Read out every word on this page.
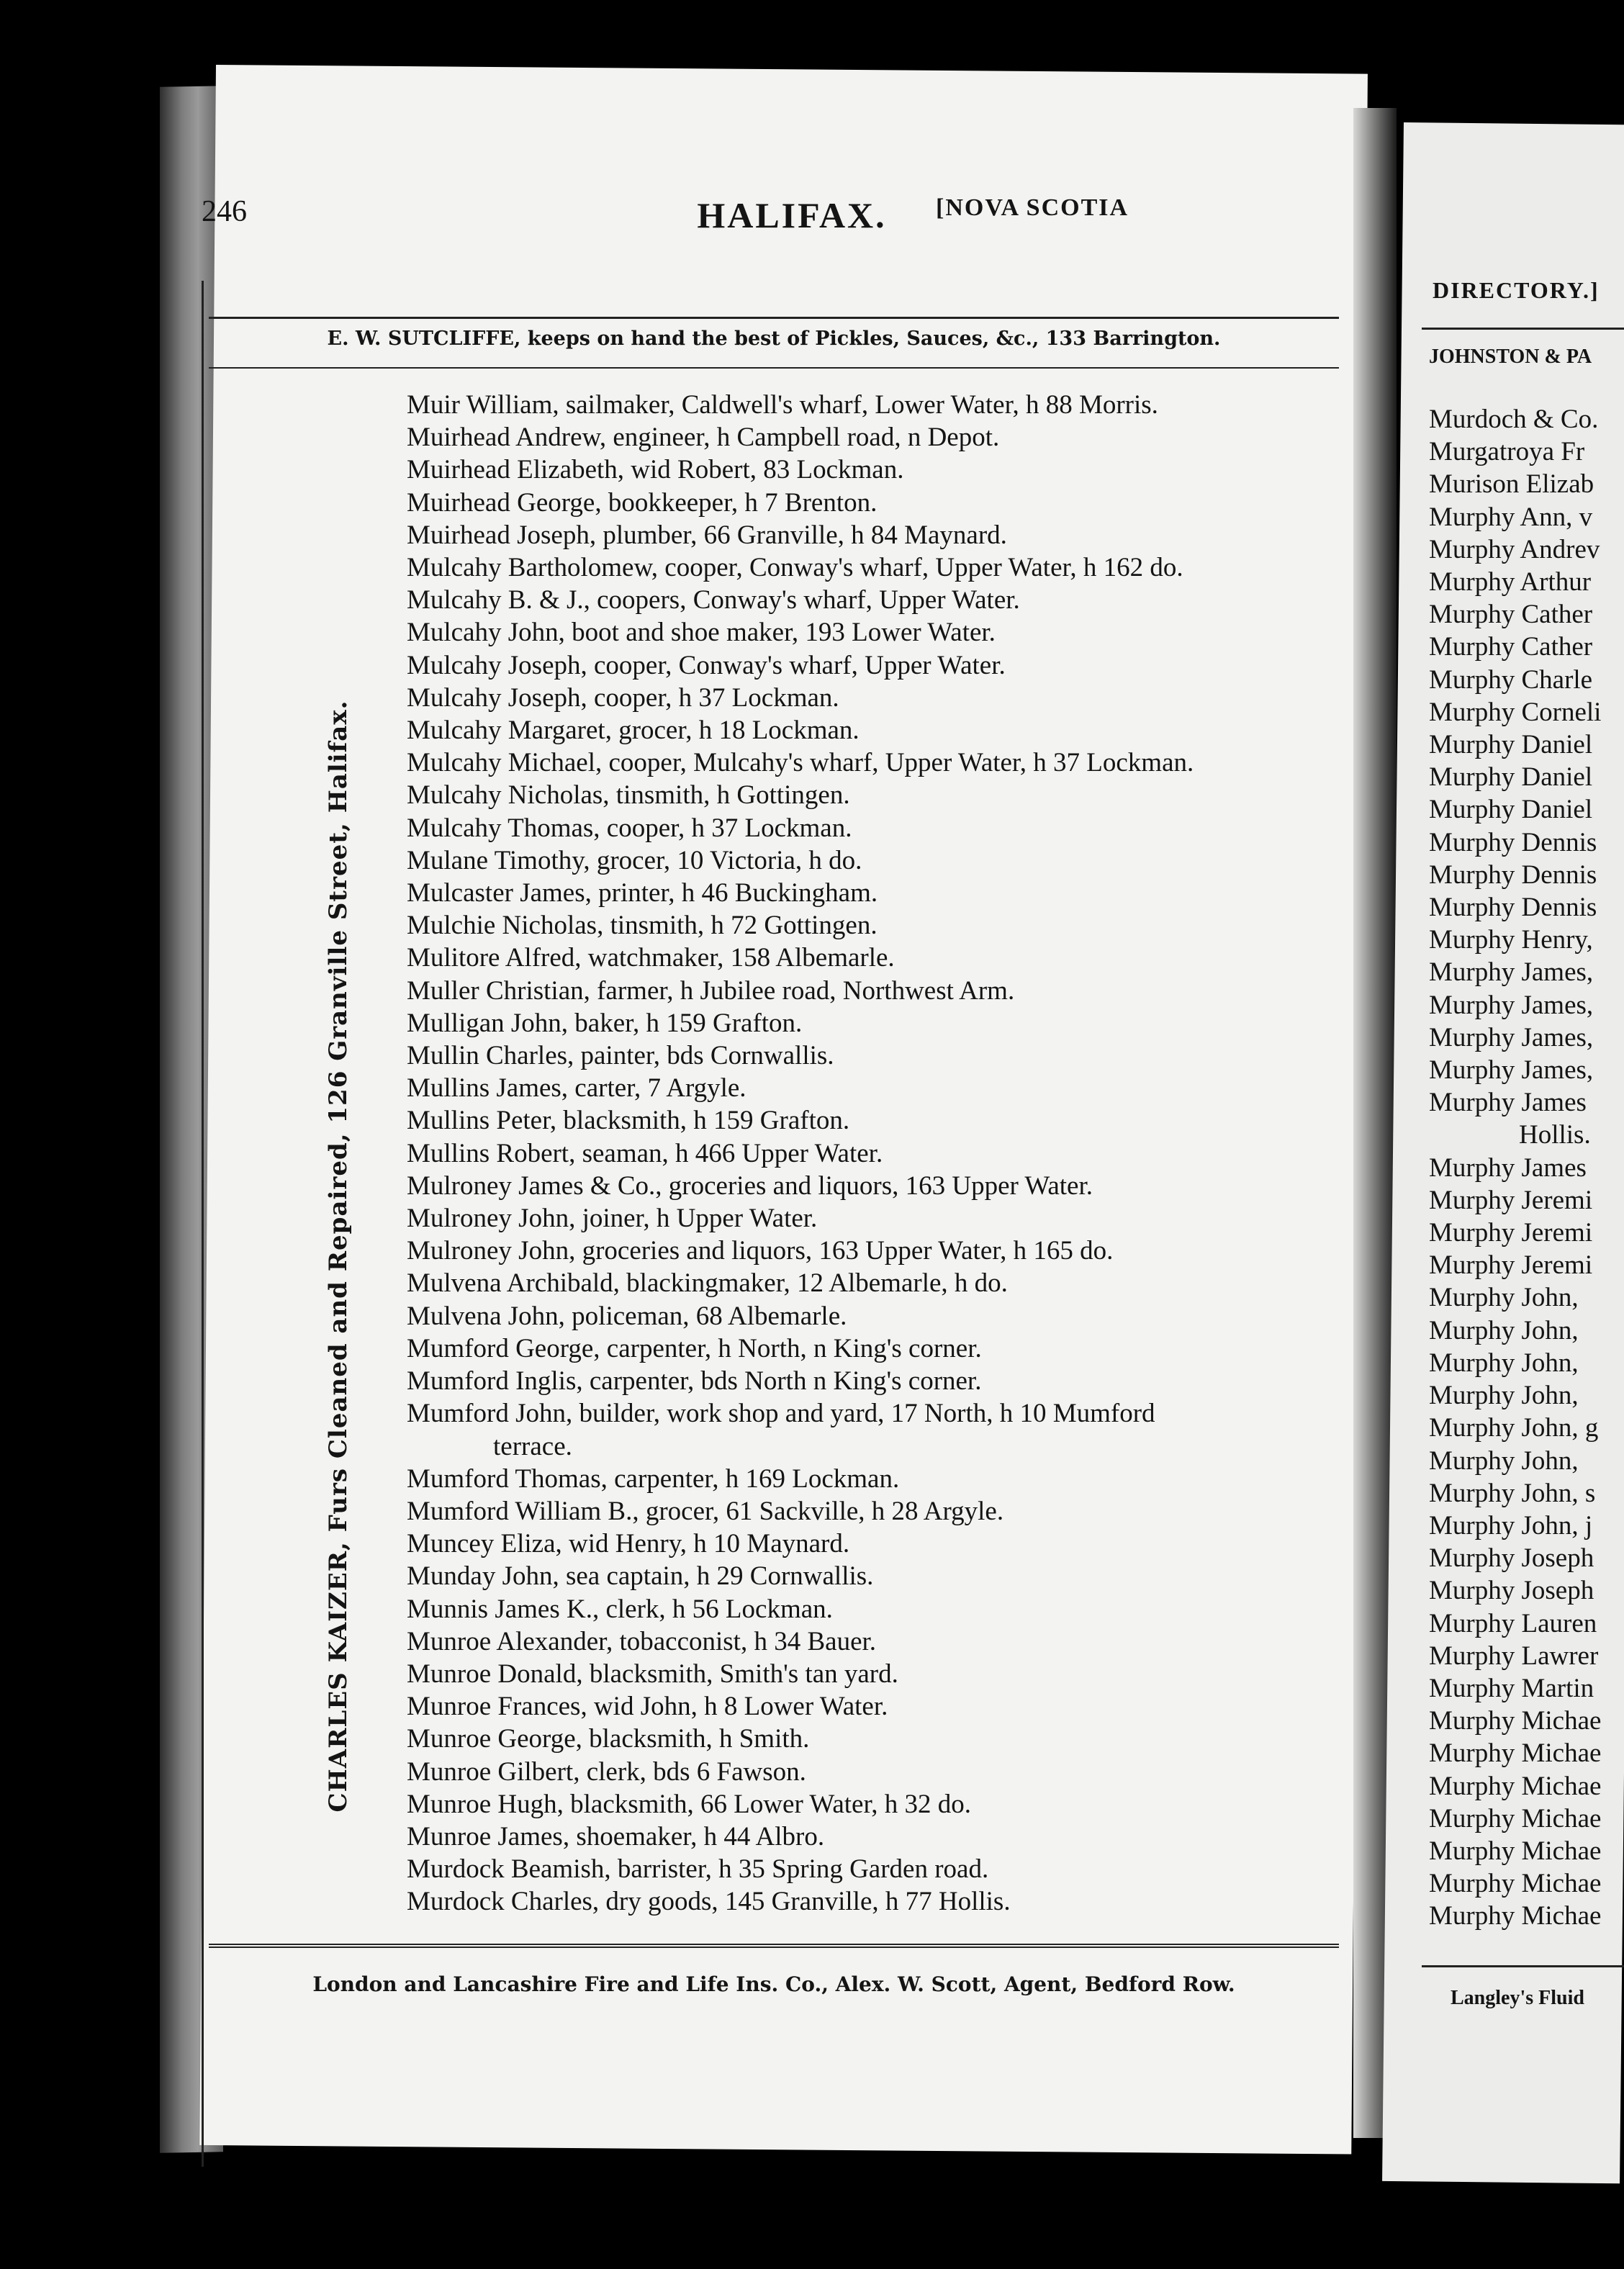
246	HALIFAX.	[NOVA SCOTIA
E. W. SUTCLIFFE, keeps on hand the best of Pickles, Sauces, &c., 133 Barrington.
CHARLES KAIZER, Furs Cleaned and Repaired, 126 Granville Street, Halifax.
Muir William, sailmaker, Caldwell's wharf, Lower Water, h 88 Morris.
Muirhead Andrew, engineer, h Campbell road, n Depot.
Muirhead Elizabeth, wid Robert, 83 Lockman.
Muirhead George, bookkeeper, h 7 Brenton.
Muirhead Joseph, plumber, 66 Granville, h 84 Maynard.
Mulcahy Bartholomew, cooper, Conway's wharf, Upper Water, h 162 do.
Mulcahy B. & J., coopers, Conway's wharf, Upper Water.
Mulcahy John, boot and shoe maker, 193 Lower Water.
Mulcahy Joseph, cooper, Conway's wharf, Upper Water.
Mulcahy Joseph, cooper, h 37 Lockman.
Mulcahy Margaret, grocer, h 18 Lockman.
Mulcahy Michael, cooper, Mulcahy's wharf, Upper Water, h 37 Lockman.
Mulcahy Nicholas, tinsmith, h Gottingen.
Mulcahy Thomas, cooper, h 37 Lockman.
Mulane Timothy, grocer, 10 Victoria, h do.
Mulcaster James, printer, h 46 Buckingham.
Mulchie Nicholas, tinsmith, h 72 Gottingen.
Mulitore Alfred, watchmaker, 158 Albemarle.
Muller Christian, farmer, h Jubilee road, Northwest Arm.
Mulligan John, baker, h 159 Grafton.
Mullin Charles, painter, bds Cornwallis.
Mullins James, carter, 7 Argyle.
Mullins Peter, blacksmith, h 159 Grafton.
Mullins Robert, seaman, h 466 Upper Water.
Mulroney James & Co., groceries and liquors, 163 Upper Water.
Mulroney John, joiner, h Upper Water.
Mulroney John, groceries and liquors, 163 Upper Water, h 165 do.
Mulvena Archibald, blackingmaker, 12 Albemarle, h do.
Mulvena John, policeman, 68 Albemarle.
Mumford George, carpenter, h North, n King's corner.
Mumford Inglis, carpenter, bds North n King's corner.
Mumford John, builder, work shop and yard, 17 North, h 10 Mumford
terrace.
Mumford Thomas, carpenter, h 169 Lockman.
Mumford William B., grocer, 61 Sackville, h 28 Argyle.
Muncey Eliza, wid Henry, h 10 Maynard.
Munday John, sea captain, h 29 Cornwallis.
Munnis James K., clerk, h 56 Lockman.
Munroe Alexander, tobacconist, h 34 Bauer.
Munroe Donald, blacksmith, Smith's tan yard.
Munroe Frances, wid John, h 8 Lower Water.
Munroe George, blacksmith, h Smith.
Munroe Gilbert, clerk, bds 6 Fawson.
Munroe Hugh, blacksmith, 66 Lower Water, h 32 do.
Munroe James, shoemaker, h 44 Albro.
Murdock Beamish, barrister, h 35 Spring Garden road.
Murdock Charles, dry goods, 145 Granville, h 77 Hollis.
London and Lancashire Fire and Life Ins. Co., Alex. W. Scott, Agent, Bedford Row.
DIRECTORY.]
JOHNSTON & PA
Murdoch & Co.
Murgatroya Fr
Murison Elizab
Murphy Ann, v
Murphy Andrev
Murphy Arthur
Murphy Cather
Murphy Cather
Murphy Charle
Murphy Corneli
Murphy Daniel
Murphy Daniel
Murphy Daniel
Murphy Dennis
Murphy Dennis
Murphy Dennis
Murphy Henry,
Murphy James,
Murphy James,
Murphy James,
Murphy James,
Murphy James
Hollis.
Murphy James
Murphy Jeremi
Murphy Jeremi
Murphy Jeremi
Murphy John,
Murphy John,
Murphy John,
Murphy John,
Murphy John, g
Murphy John,
Murphy John, s
Murphy John, j
Murphy Joseph
Murphy Joseph
Murphy Lauren
Murphy Lawrer
Murphy Martin
Murphy Michae
Murphy Michae
Murphy Michae
Murphy Michae
Murphy Michae
Murphy Michae
Murphy Michae
Langley's Fluid
